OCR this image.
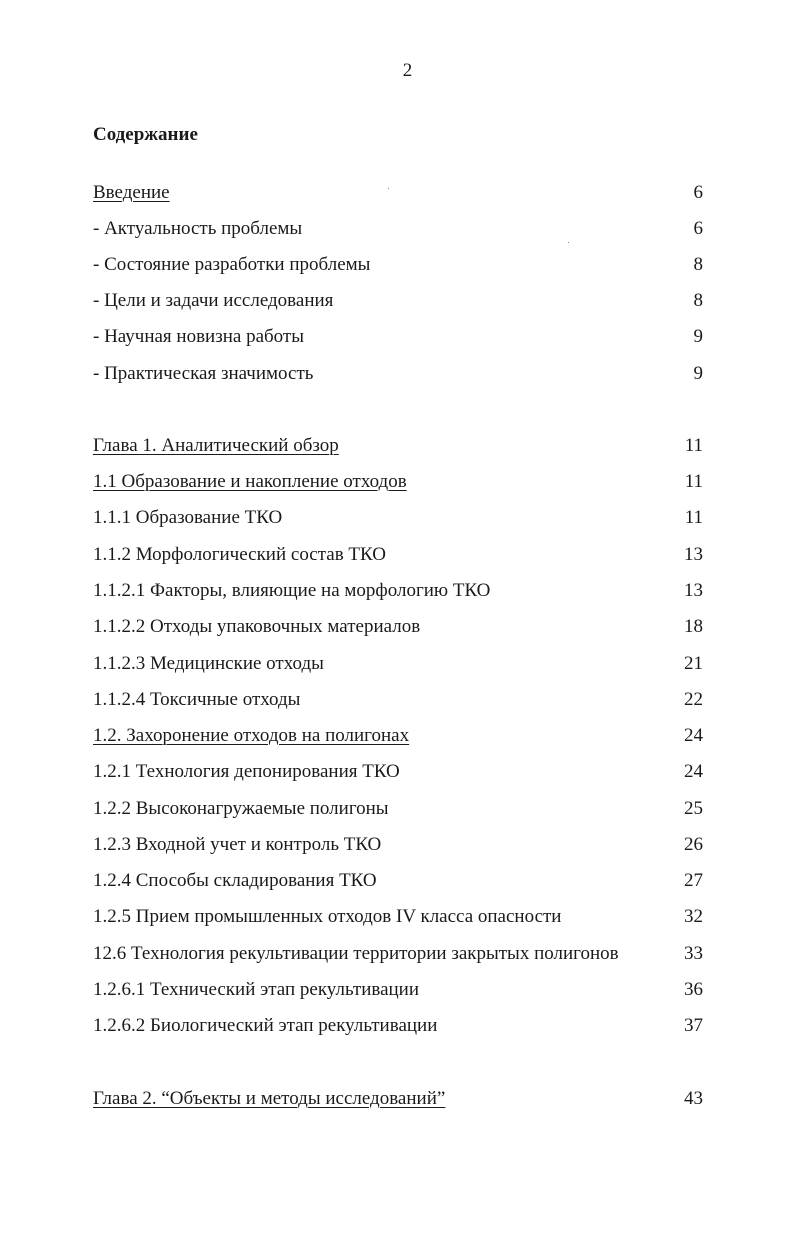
2
Содержание
Введение	6
- Актуальность проблемы	6
- Состояние разработки проблемы	8
- Цели и задачи исследования	8
- Научная новизна работы	9
- Практическая значимость	9
Глава 1. Аналитический обзор	11
1.1 Образование и накопление отходов	11
1.1.1 Образование ТКО	11
1.1.2 Морфологический состав ТКО	13
1.1.2.1 Факторы, влияющие на морфологию ТКО	13
1.1.2.2 Отходы упаковочных материалов	18
1.1.2.3 Медицинские отходы	21
1.1.2.4 Токсичные отходы	22
1.2. Захоронение отходов на полигонах	24
1.2.1 Технология депонирования ТКО	24
1.2.2 Высоконагружаемые полигоны	25
1.2.3 Входной учет и контроль ТКО	26
1.2.4 Способы складирования ТКО	27
1.2.5 Прием промышленных отходов IV класса опасности	32
12.6 Технология рекультивации территории закрытых полигонов	33
1.2.6.1 Технический этап рекультивации	36
1.2.6.2 Биологический этап рекультивации	37
Глава 2. “Объекты и методы исследований”	43
